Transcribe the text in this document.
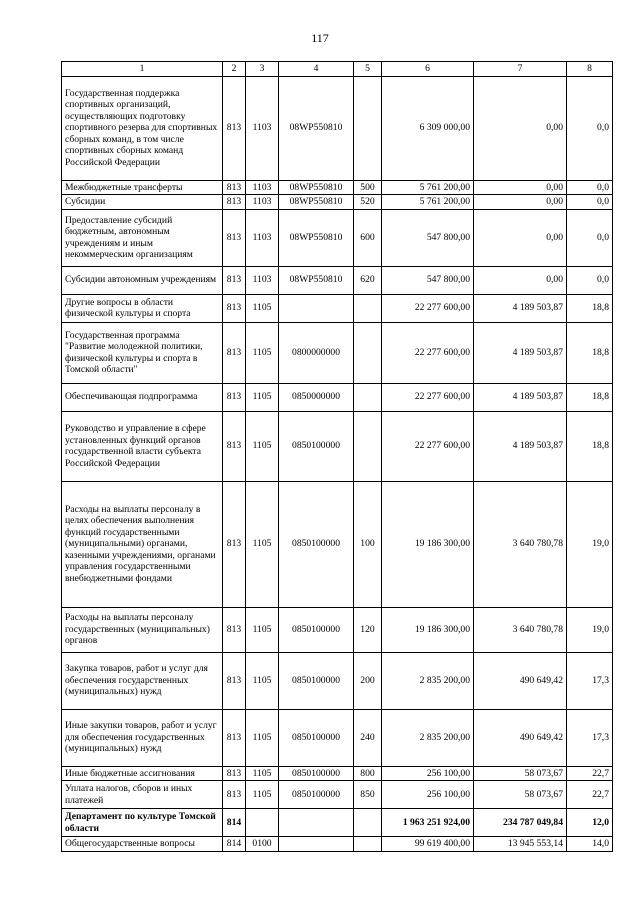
117
1	2	3	4	5	6	7	8
Государственная поддержка спортивных организаций, осуществляющих подготовку спортивного резерва для спортивных сборных команд, в том числе спортивных сборных команд Российской Федерации	813	1103	08WP550810		6 309 000,00	0,00	0,0
Межбюджетные трансферты	813	1103	08WP550810	500	5 761 200,00	0,00	0,0
Субсидии	813	1103	08WP550810	520	5 761 200,00	0,00	0,0
Предоставление субсидий бюджетным, автономным учреждениям и иным некоммерческим организациям	813	1103	08WP550810	600	547 800,00	0,00	0,0
Субсидии автономным учреждениям	813	1103	08WP550810	620	547 800,00	0,00	0,0
Другие вопросы в области физической культуры и спорта	813	1105			22 277 600,00	4 189 503,87	18,8
Государственная программа "Развитие молодежной политики, физической культуры и спорта в Томской области"	813	1105	0800000000		22 277 600,00	4 189 503,87	18,8
Обеспечивающая подпрограмма	813	1105	0850000000		22 277 600,00	4 189 503,87	18,8
Руководство и управление в сфере установленных функций органов государственной власти субъекта Российской Федерации	813	1105	0850100000		22 277 600,00	4 189 503,87	18,8
Расходы на выплаты персоналу в целях обеспечения выполнения функций государственными (муниципальными) органами, казенными учреждениями, органами управления государственными внебюджетными фондами	813	1105	0850100000	100	19 186 300,00	3 640 780,78	19,0
Расходы на выплаты персоналу государственных (муниципальных) органов	813	1105	0850100000	120	19 186 300,00	3 640 780,78	19,0
Закупка товаров, работ и услуг для обеспечения государственных (муниципальных) нужд	813	1105	0850100000	200	2 835 200,00	490 649,42	17,3
Иные закупки товаров, работ и услуг для обеспечения государственных (муниципальных) нужд	813	1105	0850100000	240	2 835 200,00	490 649,42	17,3
Иные бюджетные ассигнования	813	1105	0850100000	800	256 100,00	58 073,67	22,7
Уплата налогов, сборов и иных платежей	813	1105	0850100000	850	256 100,00	58 073,67	22,7
Департамент по культуре Томской области	814				1 963 251 924,00	234 787 049,84	12,0
Общегосударственные вопросы	814	0100			99 619 400,00	13 945 553,14	14,0
